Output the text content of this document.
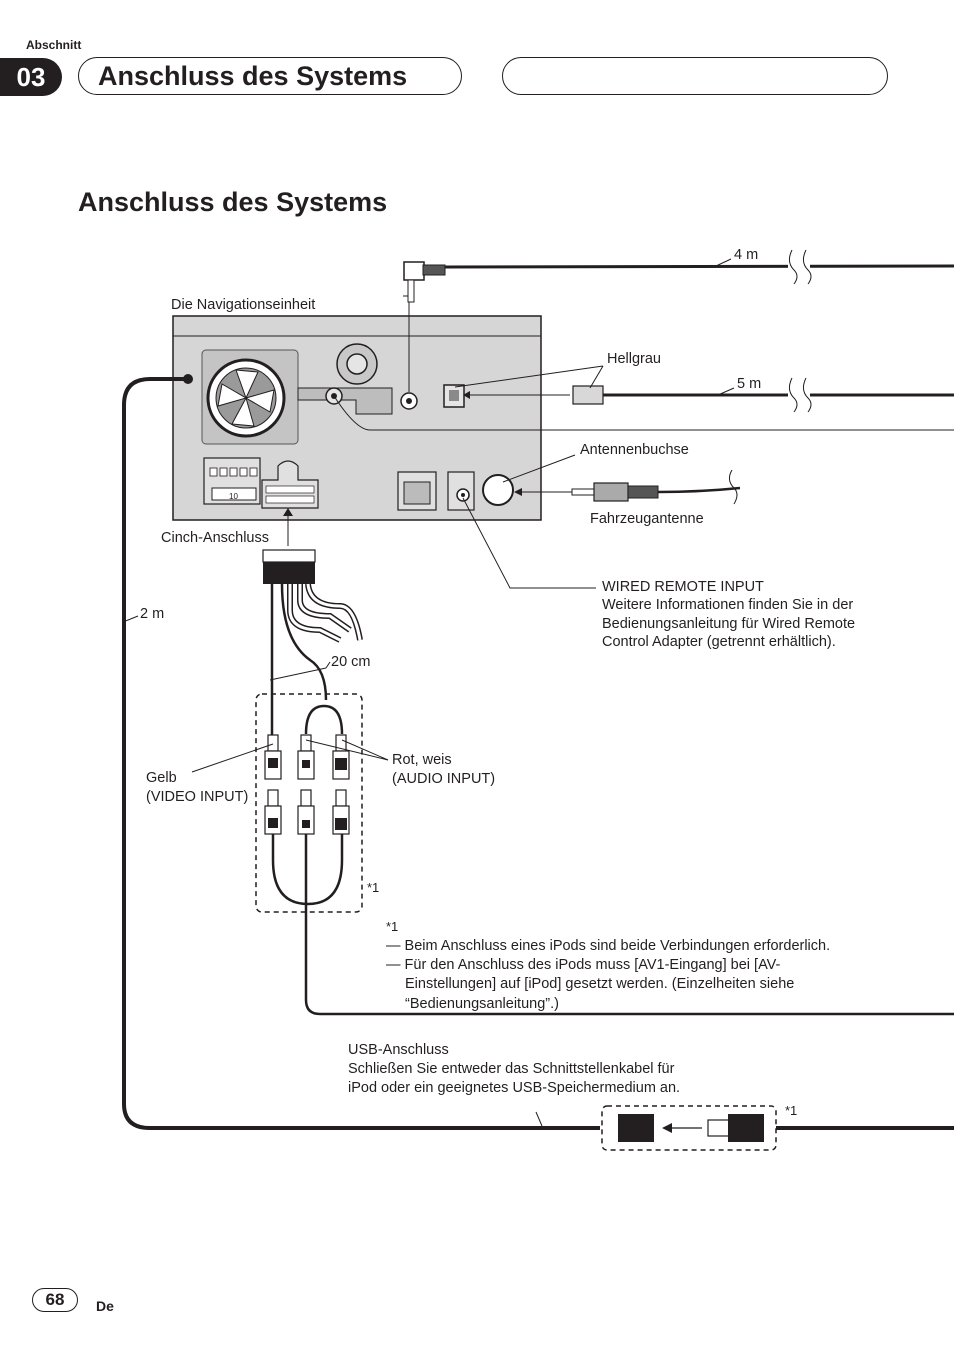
Abschnitt
03	Anschluss des Systems
Anschluss des Systems
10
4 m
Die Navigationseinheit
Hellgrau
5 m
Antennenbuchse
Fahrzeugantenne
Cinch-Anschluss
WIRED REMOTE INPUT
Weitere Informationen finden Sie in der
Bedienungsanleitung für Wired Remote
Control Adapter (getrennt erhältlich).
2 m
20 cm
Gelb
(VIDEO INPUT)
Rot, weis
(AUDIO INPUT)
*1
*1
— Beim Anschluss eines iPods sind beide Verbindungen erforderlich.
— Für den Anschluss des iPods muss [AV1-Eingang] bei [AV-
Einstellungen] auf [iPod] gesetzt werden. (Einzelheiten siehe
“Bedienungsanleitung”.)
USB-Anschluss
Schließen Sie entweder das Schnittstellenkabel für
iPod oder ein geeignetes USB-Speichermedium an.
*1
68	De
